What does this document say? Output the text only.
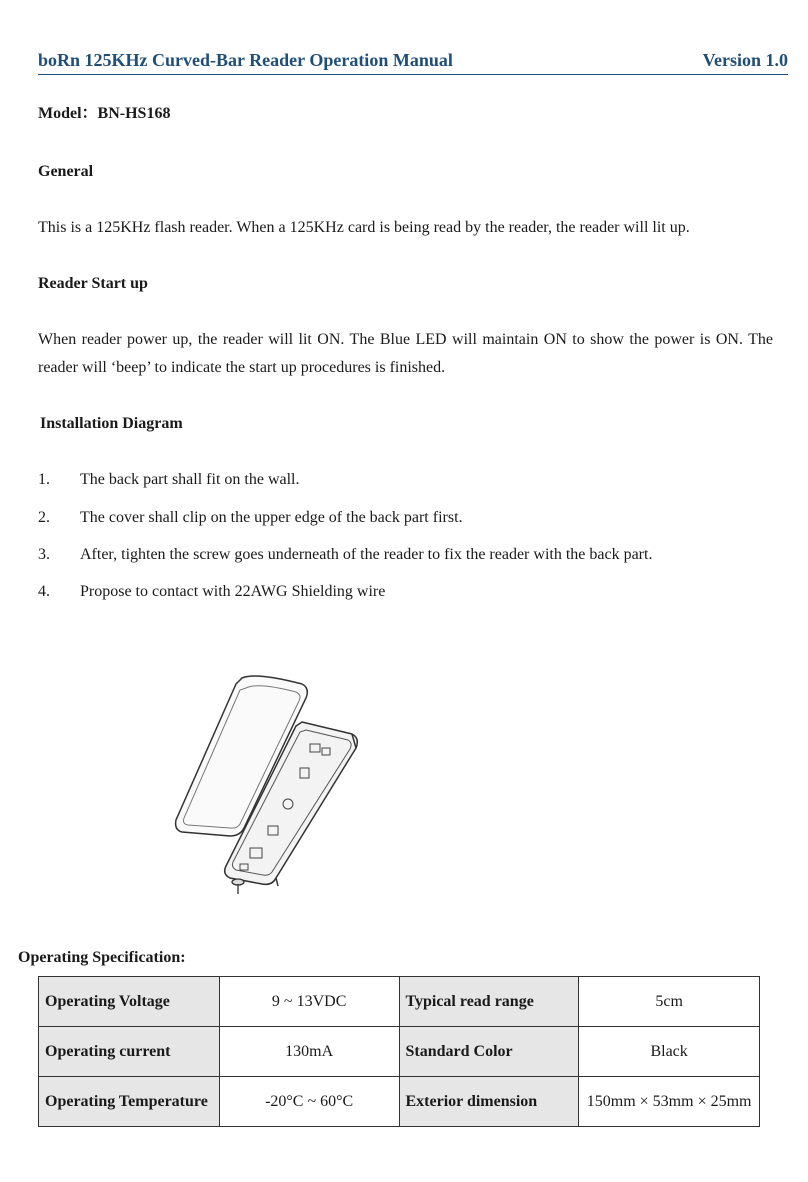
boRn 125KHz Curved-Bar Reader Operation Manual	Version 1.0
Model：BN-HS168
General
This is a 125KHz flash reader. When a 125KHz card is being read by the reader, the reader will lit up.
Reader Start up
When reader power up, the reader will lit ON. The Blue LED will maintain ON to show the power is ON. The reader will ‘beep’ to indicate the start up procedures is finished.
Installation Diagram
1.	The back part shall fit on the wall.
2.	The cover shall clip on the upper edge of the back part first.
3.	After, tighten the screw goes underneath of the reader to fix the reader with the back part.
4.	Propose to contact with 22AWG Shielding wire
Operating Specification:
Operating Voltage	9 ~ 13VDC	Typical read range	5cm
Operating current	130mA	Standard Color	Black
Operating Temperature	-20°C ~ 60°C	Exterior dimension	150mm × 53mm × 25mm
